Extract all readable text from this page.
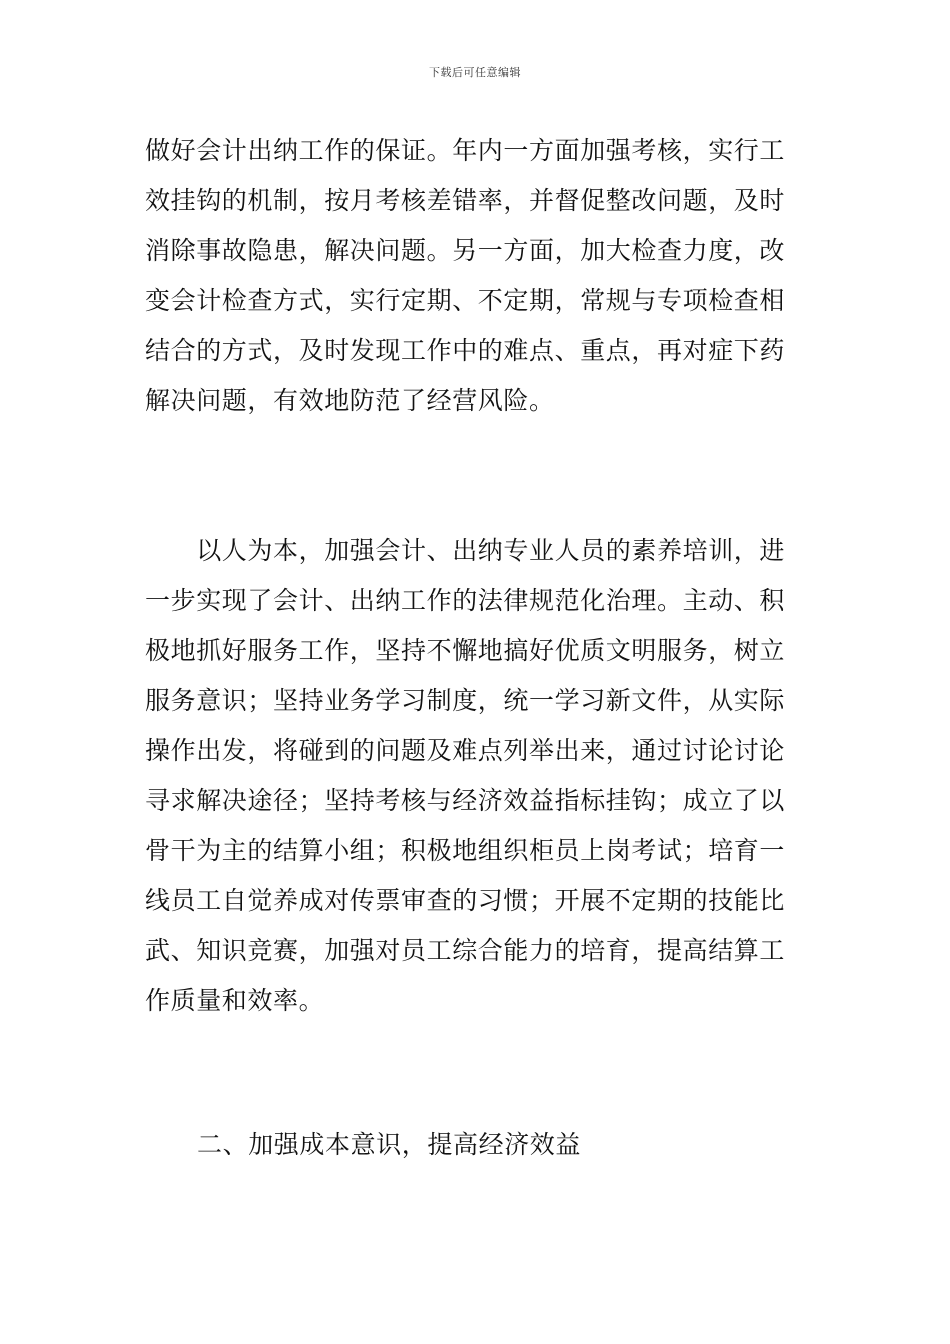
下载后可任意编辑
做好会计出纳工作的保证。年内一方面加强考核，实行工
效挂钩的机制，按月考核差错率，并督促整改问题，及时
消除事故隐患，解决问题。另一方面，加大检查力度，改
变会计检查方式，实行定期、不定期，常规与专项检查相
结合的方式，及时发现工作中的难点、重点，再对症下药
解决问题，有效地防范了经营风险。
　　以人为本，加强会计、出纳专业人员的素养培训，进
一步实现了会计、出纳工作的法律规范化治理。主动、积
极地抓好服务工作，坚持不懈地搞好优质文明服务，树立
服务意识；坚持业务学习制度，统一学习新文件，从实际
操作出发，将碰到的问题及难点列举出来，通过讨论讨论
寻求解决途径；坚持考核与经济效益指标挂钩；成立了以
骨干为主的结算小组；积极地组织柜员上岗考试；培育一
线员工自觉养成对传票审查的习惯；开展不定期的技能比
武、知识竞赛，加强对员工综合能力的培育，提高结算工
作质量和效率。
二、加强成本意识，提高经济效益
